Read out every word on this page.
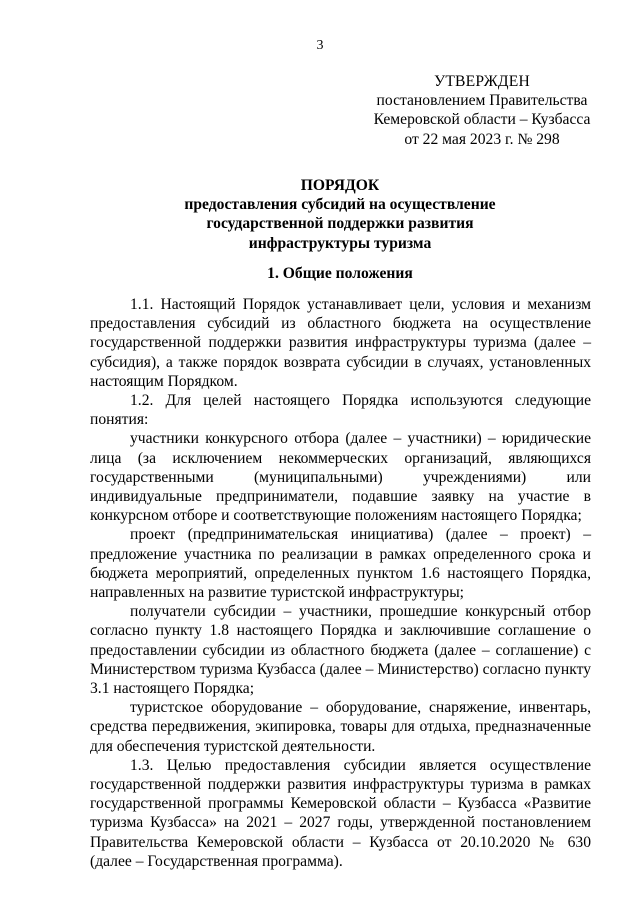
3
УТВЕРЖДЕН
постановлением Правительства
Кемеровской области – Кузбасса
от 22 мая 2023 г. № 298
ПОРЯДОК
предоставления субсидий на осуществление
государственной поддержки развития
инфраструктуры туризма
1. Общие положения

1.1. Настоящий Порядок устанавливает цели, условия и механизм предоставления субсидий из областного бюджета на осуществление государственной поддержки развития инфраструктуры туризма (далее – субсидия), а также порядок возврата субсидии в случаях, установленных настоящим Порядком.

1.2. Для целей настоящего Порядка используются следующие понятия:

участники конкурсного отбора (далее – участники) – юридические лица (за исключением некоммерческих организаций, являющихся государственными (муниципальными) учреждениями) или индивидуальные предприниматели, подавшие заявку на участие в конкурсном отборе и соответствующие положениям настоящего Порядка;

проект (предпринимательская инициатива) (далее – проект) – предложение участника по реализации в рамках определенного срока и бюджета мероприятий, определенных пунктом 1.6 настоящего Порядка, направленных на развитие туристской инфраструктуры;

получатели субсидии – участники, прошедшие конкурсный отбор согласно пункту 1.8 настоящего Порядка и заключившие соглашение о предоставлении субсидии из областного бюджета (далее – соглашение) с Министерством туризма Кузбасса (далее – Министерство) согласно пункту 3.1 настоящего Порядка;

туристское оборудование – оборудование, снаряжение, инвентарь, средства передвижения, экипировка, товары для отдыха, предназначенные для обеспечения туристской деятельности.

1.3. Целью предоставления субсидии является осуществление государственной поддержки развития инфраструктуры туризма в рамках государственной программы Кемеровской области – Кузбасса «Развитие туризма Кузбасса» на 2021 – 2027 годы, утвержденной постановлением Правительства Кемеровской области – Кузбасса от 20.10.2020 № 630 (далее – Государственная программа).
